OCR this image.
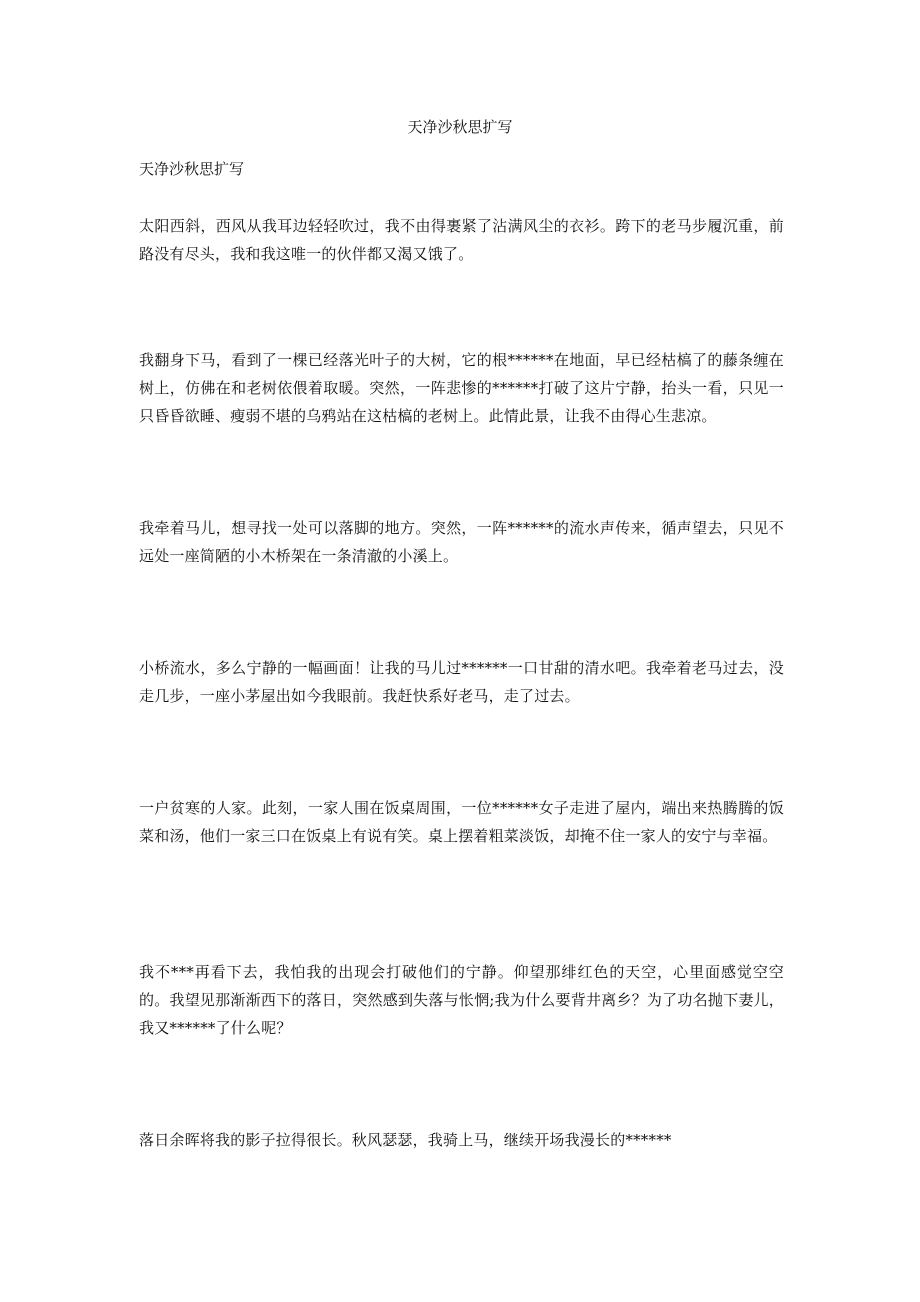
天净沙秋思扩写

天净沙秋思扩写

太阳西斜，西风从我耳边轻轻吹过，我不由得裹紧了沾满风尘的衣衫。跨下的老马步履沉重，前路没有尽头，我和我这唯一的伙伴都又渴又饿了。

我翻身下马，看到了一棵已经落光叶子的大树，它的根******在地面，早已经枯槁了的藤条缠在树上，仿佛在和老树依偎着取暖。突然，一阵悲惨的******打破了这片宁静，抬头一看，只见一只昏昏欲睡、瘦弱不堪的乌鸦站在这枯槁的老树上。此情此景，让我不由得心生悲凉。

我牵着马儿，想寻找一处可以落脚的地方。突然，一阵******的流水声传来，循声望去，只见不远处一座简陋的小木桥架在一条清澈的小溪上。

小桥流水，多么宁静的一幅画面！让我的马儿过******一口甘甜的清水吧。我牵着老马过去，没走几步，一座小茅屋出如今我眼前。我赶快系好老马，走了过去。

一户贫寒的人家。此刻，一家人围在饭桌周围，一位******女子走进了屋内，端出来热腾腾的饭菜和汤，他们一家三口在饭桌上有说有笑。桌上摆着粗菜淡饭，却掩不住一家人的安宁与幸福。

我不***再看下去，我怕我的出现会打破他们的宁静。仰望那绯红色的天空，心里面感觉空空的。我望见那渐渐西下的落日，突然感到失落与怅惘;我为什么要背井离乡？为了功名抛下妻儿，我又******了什么呢？

落日余晖将我的影子拉得很长。秋风瑟瑟，我骑上马，继续开场我漫长的******
